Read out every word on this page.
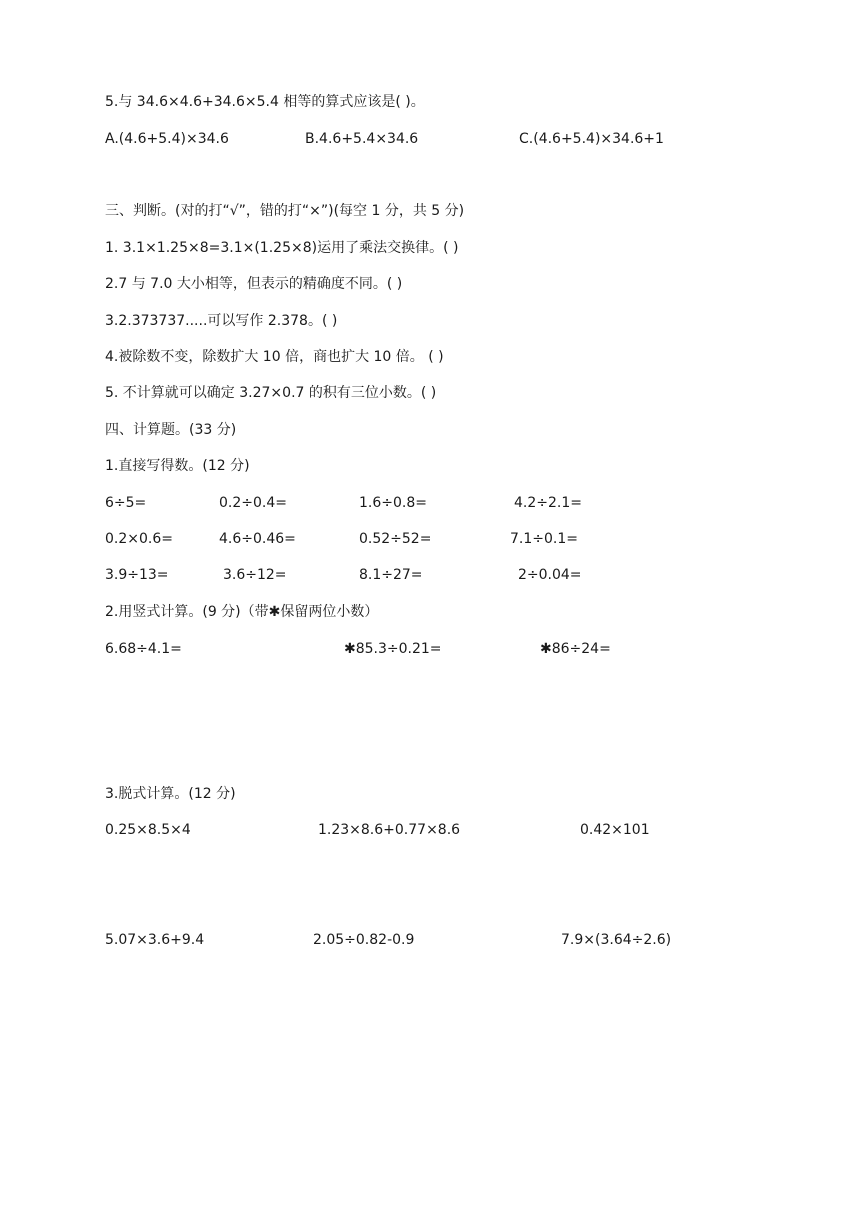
5.与 34.6×4.6+34.6×5.4 相等的算式应该是( )。
A.(4.6+5.4)×34.6	B.4.6+5.4×34.6	C.(4.6+5.4)×34.6+1
三、判断。(对的打“√”，错的打“×”)(每空 1 分，共 5 分)
1. 3.1×1.25×8=3.1×(1.25×8)运用了乘法交换律。( )
2.7 与 7.0 大小相等，但表示的精确度不同。( )
3.2.373737.....可以写作 2.378。( )
4.被除数不变，除数扩大 10 倍，商也扩大 10 倍。 ( )
5. 不计算就可以确定 3.27×0.7 的积有三位小数。( )
四、计算题。(33 分)
1.直接写得数。(12 分)
6÷5=	0.2÷0.4=	1.6÷0.8=	4.2÷2.1=
0.2×0.6=	4.6÷0.46=	0.52÷52=	7.1÷0.1=
3.9÷13=	3.6÷12=	8.1÷27=	2÷0.04=
2.用竖式计算。(9 分)（带✱保留两位小数）
6.68÷4.1=	✱85.3÷0.21=	✱86÷24=
3.脱式计算。(12 分)
0.25×8.5×4	1.23×8.6+0.77×8.6	0.42×101
5.07×3.6+9.4	2.05÷0.82-0.9	7.9×(3.64÷2.6)
